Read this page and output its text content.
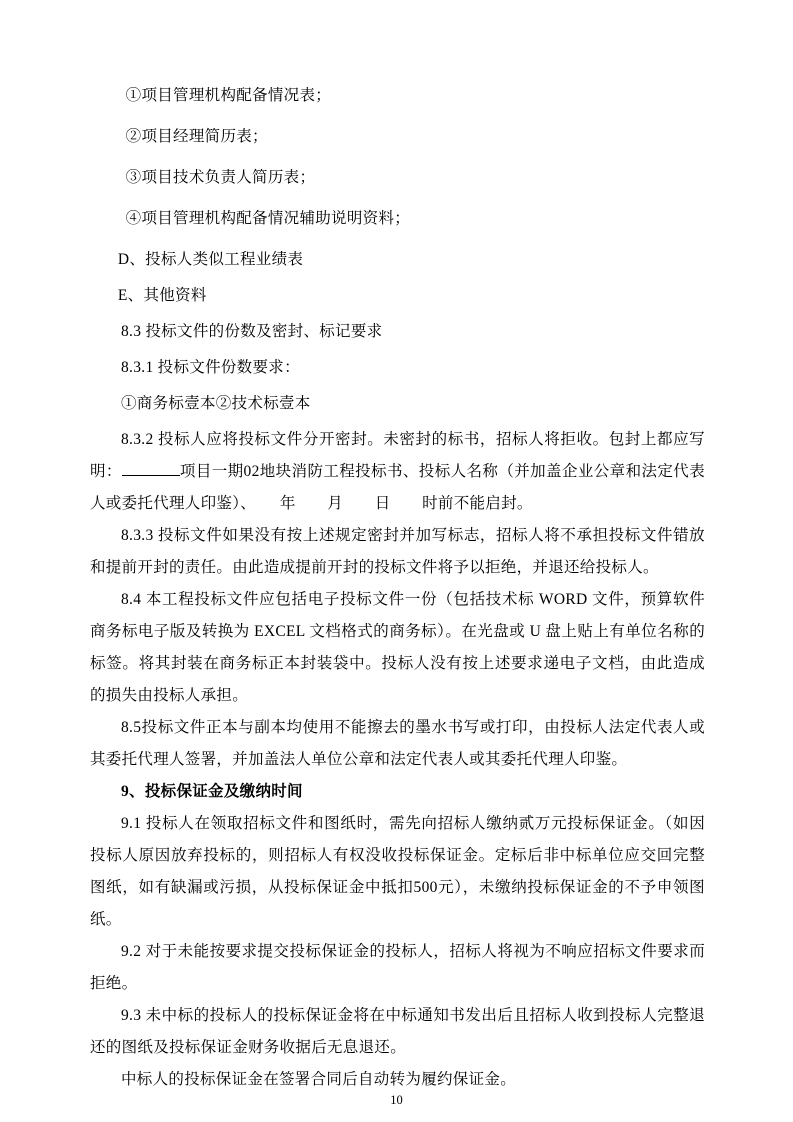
①项目管理机构配备情况表；

②项目经理简历表；

③项目技术负责人简历表；

④项目管理机构配备情况辅助说明资料；

D、投标人类似工程业绩表

E、其他资料

8.3 投标文件的份数及密封、标记要求

8.3.1 投标文件份数要求：

①商务标壹本②技术标壹本

8.3.2 投标人应将投标文件分开密封。未密封的标书，招标人将拒收。包封上都应写明：	项目一期02地块消防工程投标书、投标人名称（并加盖企业公章和法定代表人或委托代理人印鉴）、　　年　　月　　日　　时前不能启封。

8.3.3 投标文件如果没有按上述规定密封并加写标志，招标人将不承担投标文件错放和提前开封的责任。由此造成提前开封的投标文件将予以拒绝，并退还给投标人。

8.4 本工程投标文件应包括电子投标文件一份（包括技术标 WORD 文件，预算软件商务标电子版及转换为 EXCEL 文档格式的商务标）。在光盘或 U 盘上贴上有单位名称的标签。将其封装在商务标正本封装袋中。投标人没有按上述要求递电子文档，由此造成的损失由投标人承担。

8.5投标文件正本与副本均使用不能擦去的墨水书写或打印，由投标人法定代表人或其委托代理人签署，并加盖法人单位公章和法定代表人或其委托代理人印鉴。

9、投标保证金及缴纳时间

9.1 投标人在领取招标文件和图纸时，需先向招标人缴纳贰万元投标保证金。（如因投标人原因放弃投标的，则招标人有权没收投标保证金。定标后非中标单位应交回完整图纸，如有缺漏或污损，从投标保证金中抵扣500元），未缴纳投标保证金的不予申领图纸。

9.2 对于未能按要求提交投标保证金的投标人，招标人将视为不响应招标文件要求而拒绝。

9.3 未中标的投标人的投标保证金将在中标通知书发出后且招标人收到投标人完整退还的图纸及投标保证金财务收据后无息退还。

中标人的投标保证金在签署合同后自动转为履约保证金。

10
